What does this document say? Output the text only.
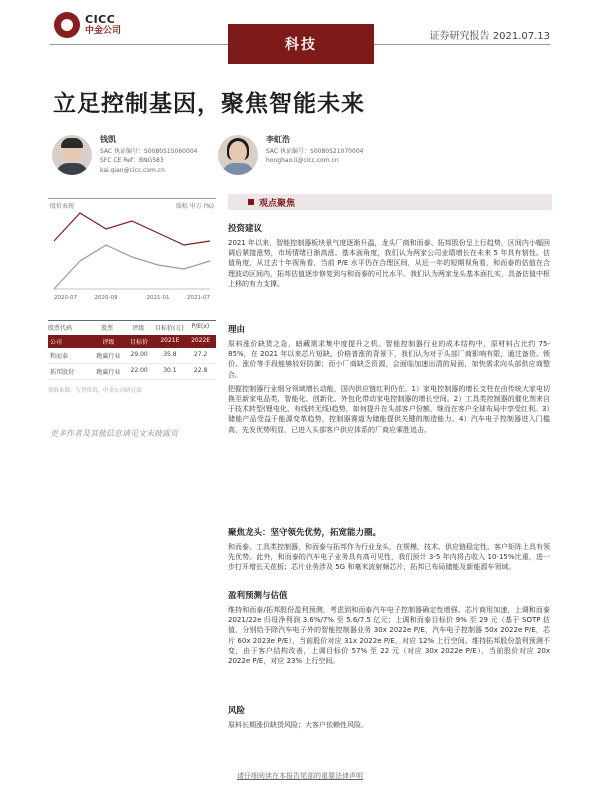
CICC
中金公司
科技
证券研究报告 2021.07.13
立足控制基因，聚焦智能未来
钱凯
SAC 执证编号：S0080515060004
SFC CE Ref：BNG583
kai.qian@cicc.com.cn
李虹浩
SAC 执证编号：S0080521070004
honghao.li@cicc.com.cn
股价表现	瑞松 申万 (%)
2020-07	2020-09	2021-01	2021-07
股票代码	股票	评级	目标价(元)	P/E(x)
公司	评级	目标价	2021E	2022E
和而泰	跑赢行业	29.00	35.8	27.2
拓邦股份	跑赢行业	22.00	30.1	22.8
资料来源：万得资讯，中金公司研究部
更多作者及其他信息请见文末披露页
观点聚焦
投资建议
2021 年以来，智能控制器板块景气度逐渐升温，龙头厂商和而泰、拓邦股份呈上行趋势，区间内小幅回调后紧接涨势，市场情绪日渐高涨。基本面角度，我们认为两家公司业绩增长在未来 5 年具有韧性。估值角度，从过去十年视角看，当前 P/E 水平仍在合理区间，从近一年的短期视角看，和而泰的估值在合理波动区间内，拓邦估值逐步修复到与和而泰的可比水平。我们认为两家龙头基本面扎实，具备估值中枢上移的有力支撑。
理由
原料涨价缺货之急，暗藏需求集中度提升之机。智能控制器行业的成本结构中，原材料占比约 75-85%，在 2021 年以来芯片短缺、价格普涨的背景下，我们认为对于头部厂商影响有限，通过备货、锁价、涨价等手段能够较好防御；而小厂商缺乏资源，会面临加速出清的局面，加快需求向头部供应商整合。
把握控制器行业细分领域增长动能，国内供应链红利仍在。1）家电控制器的增长支柱在由传统大家电切换至新家电品类，智能化、创新化、外包化带动家电控制器的增长空间。2）工具类控制器的催化剂来自于技术转型(锂电化、有线转无线)趋势，如何提升在头部客户份额，继而在客户全球布局中享受红利。3）储能产品受益于能源变革趋势，控制器赛道为储能提供关键的制造能力。4）汽车电子控制器进入门槛高，先发优势明显，已进入头部客户供应体系的厂商应乘胜追击。
聚焦龙头：坚守领先优势，拓宽能力圈。
和而泰、工具类控制器，和而泰与拓邦作为行业龙头，在规模、技术、供应链稳定性、客户矩阵上具有领先优势。此外，和而泰的汽车电子业务具有高可见性，我们预计 3-5 年内将占收入 10-15%比重，进一步打开增长天花板；芯片业务涉及 5G 和毫米波射频芯片，拓邦已布局储能及新能源车领域。
盈利预测与估值
维持和而泰/拓邦股份盈利预测，考虑到和而泰汽车电子控制器确定性增强、芯片商用加速，上调和而泰 2021/22e 归母净利润 3.6%/7% 至 5.6/7.5 亿元；上调和而泰目标价 9% 至 29 元（基于 SOTP 估值，分别给予除汽车电子外的智能控制器业务 30x 2022e P/E，汽车电子控制器 50x 2022e P/E，芯片 60x 2023e P/E），当前股价对应 31x 2022e P/E，对应 12% 上行空间。维持拓邦股份盈利预测不变，由于客户结构改善，上调目标价 57% 至 22 元（对应 30x 2022e P/E），当前股价对应 20x 2022e P/E，对应 23% 上行空间。
风险
原料长期涨价缺货风险；大客户依赖性风险。
请仔细阅读在本报告尾部的重要法律声明
